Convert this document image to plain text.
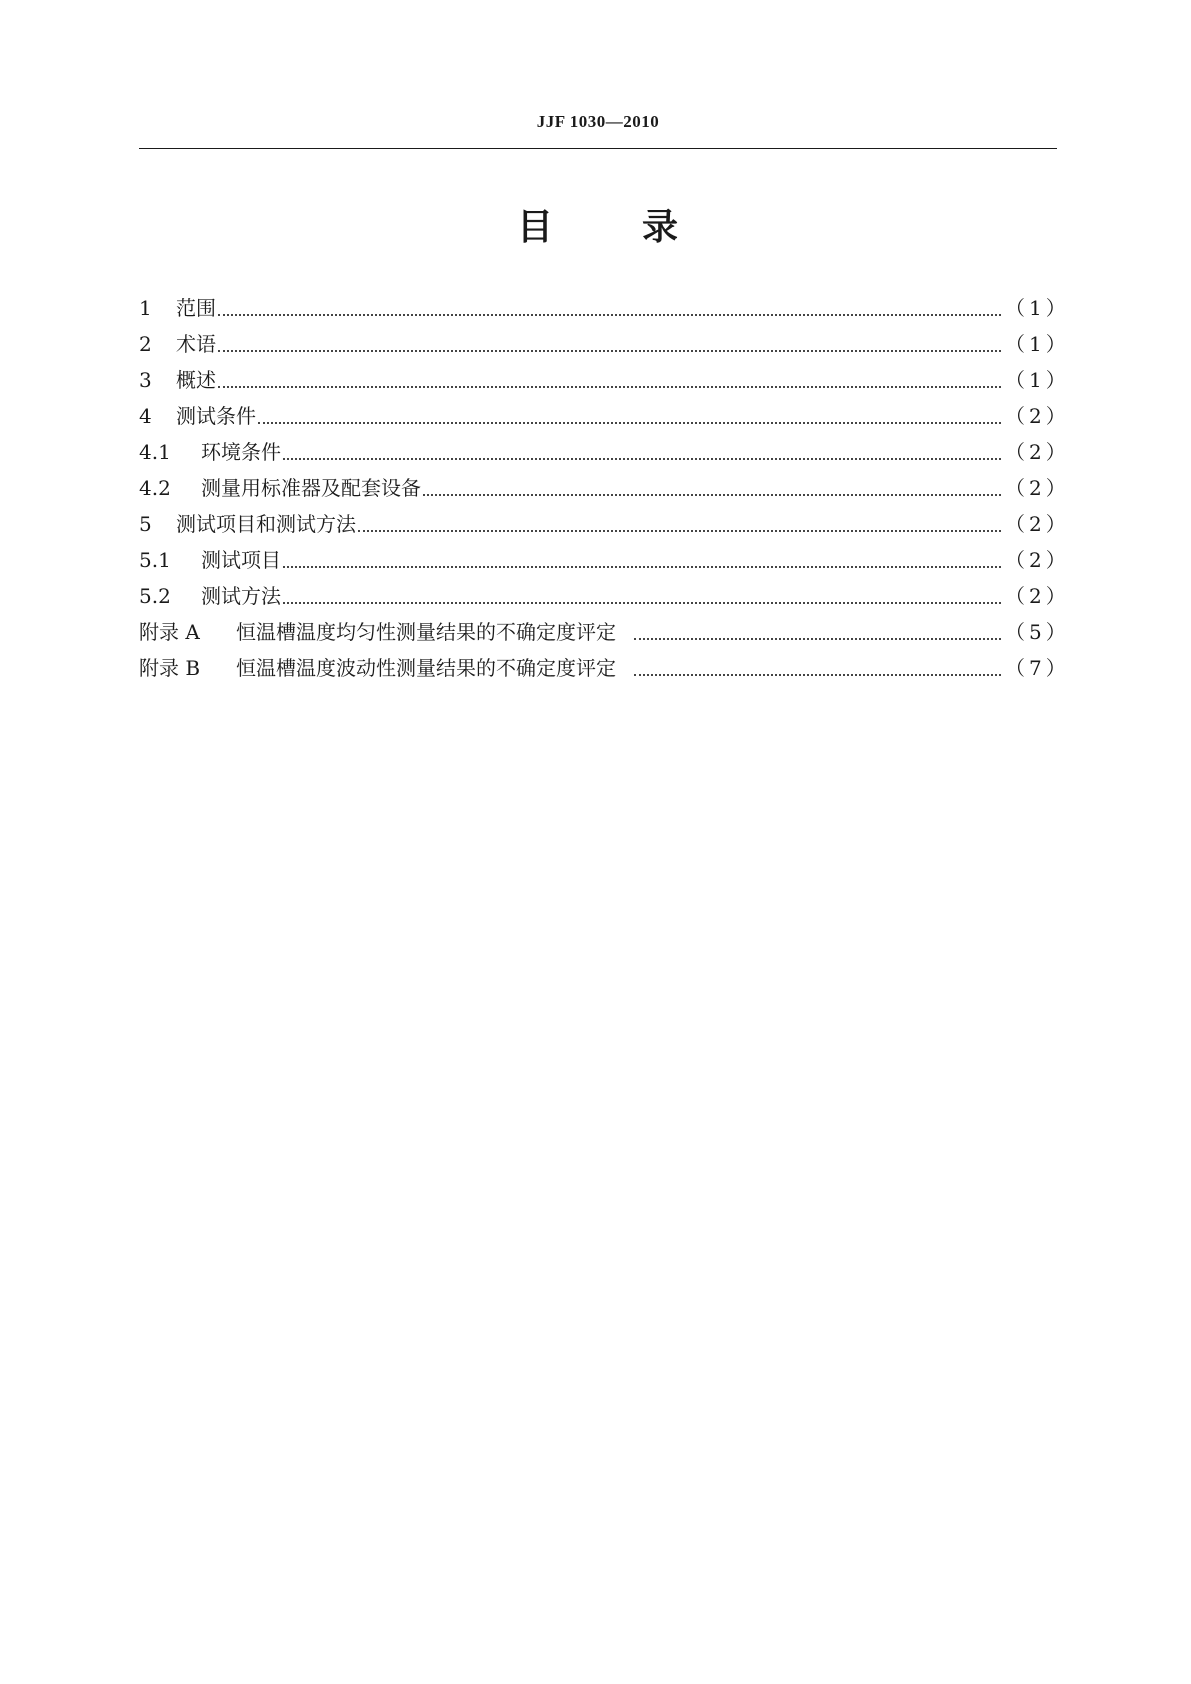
JJF 1030—2010
目 录
1	范围	（1）
2	术语	（1）
3	概述	（1）
4	测试条件	（2）
4.1	环境条件	（2）
4.2	测量用标准器及配套设备	（2）
5	测试项目和测试方法	（2）
5.1	测试项目	（2）
5.2	测试方法	（2）
附录 A	恒温槽温度均匀性测量结果的不确定度评定	（5）
附录 B	恒温槽温度波动性测量结果的不确定度评定	（7）
